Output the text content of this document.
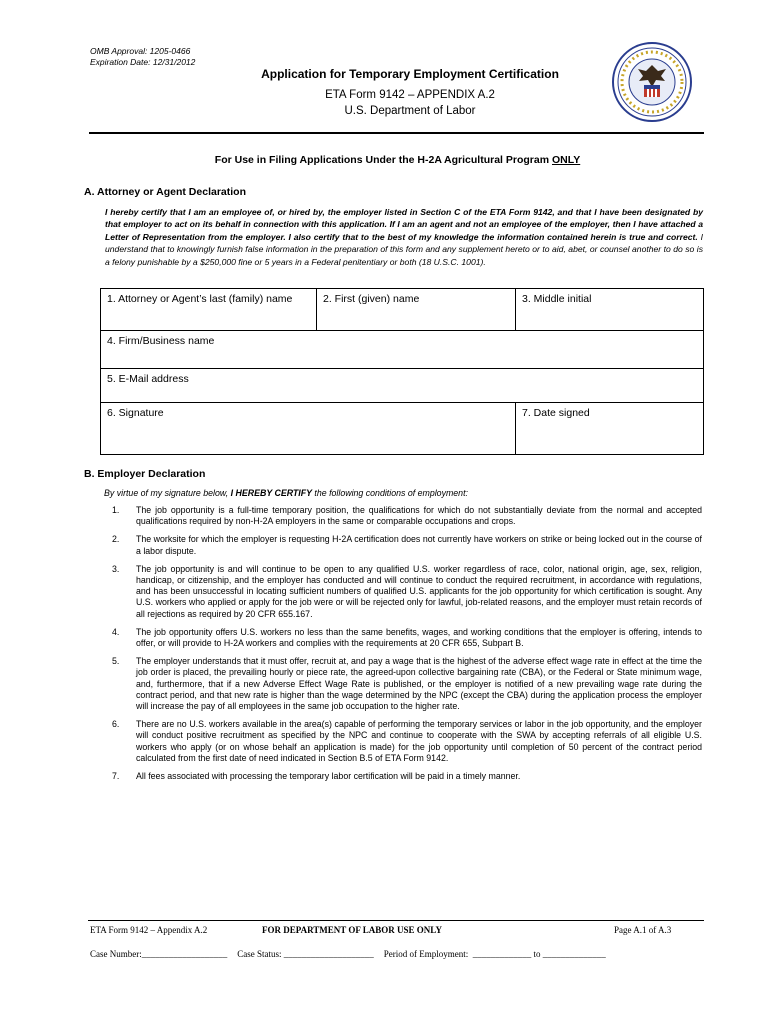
OMB Approval: 1205-0466
Expiration Date: 12/31/2012
Application for Temporary Employment Certification
ETA Form 9142 – APPENDIX A.2
U.S. Department of Labor
For Use in Filing Applications Under the H-2A Agricultural Program ONLY
A. Attorney or Agent Declaration
I hereby certify that I am an employee of, or hired by, the employer listed in Section C of the ETA Form 9142, and that I have been designated by that employer to act on its behalf in connection with this application. If I am an agent and not an employee of the employer, then I have attached a Letter of Representation from the employer. I also certify that to the best of my knowledge the information contained herein is true and correct. I understand that to knowingly furnish false information in the preparation of this form and any supplement hereto or to aid, abet, or counsel another to do so is a felony punishable by a $250,000 fine or 5 years in a Federal penitentiary or both (18 U.S.C. 1001).
1. Attorney or Agent’s last (family) name	2. First (given) name	3. Middle initial
4. Firm/Business name		
5. E-Mail address		
6. Signature		7. Date signed
B. Employer Declaration
By virtue of my signature below, I HEREBY CERTIFY the following conditions of employment:
1.	The job opportunity is a full-time temporary position, the qualifications for which do not substantially deviate from the normal and accepted qualifications required by non-H-2A employers in the same or comparable occupations and crops.
2.	The worksite for which the employer is requesting H-2A certification does not currently have workers on strike or being locked out in the course of a labor dispute.
3.	The job opportunity is and will continue to be open to any qualified U.S. worker regardless of race, color, national origin, age, sex, religion, handicap, or citizenship, and the employer has conducted and will continue to conduct the required recruitment, in accordance with regulations, and has been unsuccessful in locating sufficient numbers of qualified U.S. applicants for the job opportunity for which certification is sought. Any U.S. workers who applied or apply for the job were or will be rejected only for lawful, job-related reasons, and the employer must retain records of all rejections as required by 20 CFR 655.167.
4.	The job opportunity offers U.S. workers no less than the same benefits, wages, and working conditions that the employer is offering, intends to offer, or will provide to H-2A workers and complies with the requirements at 20 CFR 655, Subpart B.
5.	The employer understands that it must offer, recruit at, and pay a wage that is the highest of the adverse effect wage rate in effect at the time the job order is placed, the prevailing hourly or piece rate, the agreed-upon collective bargaining rate (CBA), or the Federal or State minimum wage, and, furthermore, that if a new Adverse Effect Wage Rate is published, or the employer is notified of a new prevailing wage rate during the contract period, and that new rate is higher than the wage determined by the NPC (except the CBA) during the application process the employer will increase the pay of all employees in the same job occupation to the higher rate.
6.	There are no U.S. workers available in the area(s) capable of performing the temporary services or labor in the job opportunity, and the employer will conduct positive recruitment as specified by the NPC and continue to cooperate with the SWA by accepting referrals of all eligible U.S. workers who apply (or on whose behalf an application is made) for the job opportunity until completion of 50 percent of the contract period calculated from the first date of need indicated in Section B.5 of ETA Form 9142.
7.	All fees associated with processing the temporary labor certification will be paid in a timely manner.
ETA Form 9142 – Appendix A.2	FOR DEPARTMENT OF LABOR USE ONLY	Page A.1 of A.3
Case Number:___________________ Case Status: ____________________ Period of Employment:  _____________ to ______________
